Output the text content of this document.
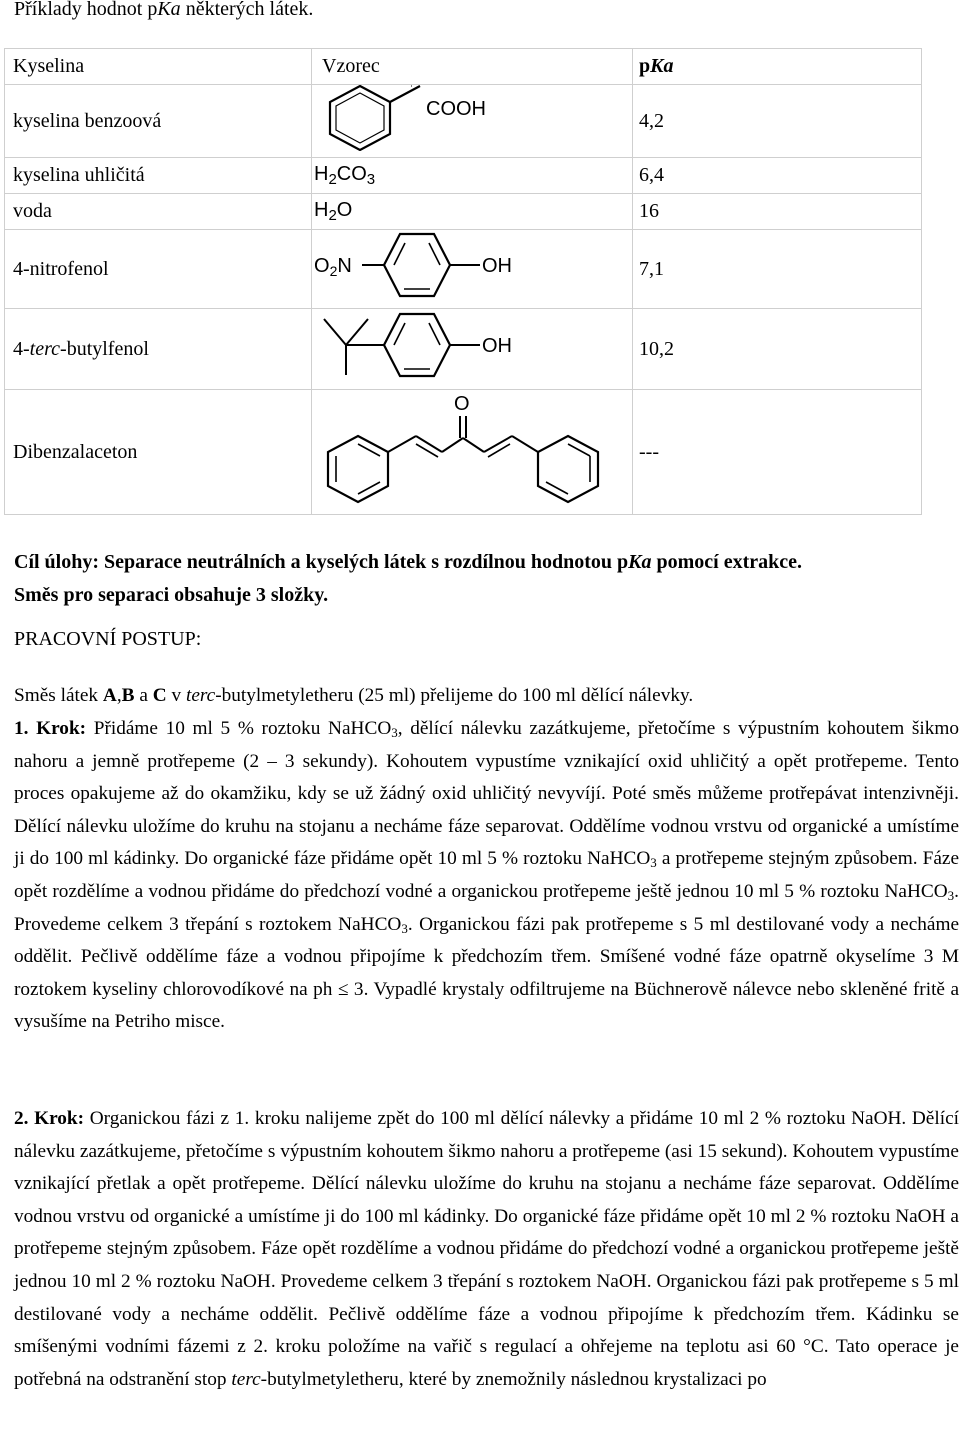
Příklady hodnot pKa některých látek.
Kyselina	Vzorec	pKa
kyselina benzoová	COOH	4,2
kyselina uhličitá	$H_2CO_3$	6,4
voda	$H_2O$	16
4-nitrofenol	$O_2N$ OH	7,1
4-terc-butylfenol	OH	10,2
Dibenzalaceton	O	---
Cíl úlohy: Separace neutrálních a kyselých látek s rozdílnou hodnotou pKa pomocí extrakce.
Směs pro separaci obsahuje 3 složky.
PRACOVNÍ POSTUP:
Směs látek A,B a C v terc-butylmetyletheru (25 ml) přelijeme do 100 ml dělící nálevky.
1. Krok: Přidáme 10 ml 5 % roztoku NaHCO$_3$, dělící nálevku zazátkujeme, přetočíme s výpustním kohoutem šikmo nahoru a jemně protřepeme (2 – 3 sekundy). Kohoutem vypustíme vznikající oxid uhličitý a opět protřepeme. Tento proces opakujeme až do okamžiku, kdy se už žádný oxid uhličitý nevyvíjí. Poté směs můžeme protřepávat intenzivněji. Dělící nálevku uložíme do kruhu na stojanu a necháme fáze separovat. Oddělíme vodnou vrstvu od organické a umístíme ji do 100 ml kádinky. Do organické fáze přidáme opět 10 ml 5 % roztoku NaHCO$_3$ a protřepeme stejným způsobem. Fáze opět rozdělíme a vodnou přidáme do předchozí vodné a organickou protřepeme ještě jednou 10 ml 5 % roztoku NaHCO$_3$. Provedeme celkem 3 třepání s roztokem NaHCO$_3$. Organickou fázi pak protřepeme s 5 ml destilované vody a necháme oddělit. Pečlivě oddělíme fáze a vodnou připojíme k předchozím třem. Smíšené vodné fáze opatrně okyselíme 3 M roztokem kyseliny chlorovodíkové na ph ≤ 3. Vypadlé krystaly odfiltrujeme na Büchnerově nálevce nebo skleněné fritě a vysušíme na Petriho misce.
2. Krok: Organickou fázi z 1. kroku nalijeme zpět do 100 ml dělící nálevky a přidáme 10 ml 2 % roztoku NaOH. Dělící nálevku zazátkujeme, přetočíme s výpustním kohoutem šikmo nahoru a protřepeme (asi 15 sekund). Kohoutem vypustíme vznikající přetlak a opět protřepeme. Dělící nálevku uložíme do kruhu na stojanu a necháme fáze separovat. Oddělíme vodnou vrstvu od organické a umístíme ji do 100 ml kádinky. Do organické fáze přidáme opět 10 ml 2 % roztoku NaOH a protřepeme stejným způsobem. Fáze opět rozdělíme a vodnou přidáme do předchozí vodné a organickou protřepeme ještě jednou 10 ml 2 % roztoku NaOH. Provedeme celkem 3 třepání s roztokem NaOH. Organickou fázi pak protřepeme s 5 ml destilované vody a necháme oddělit. Pečlivě oddělíme fáze a vodnou připojíme k předchozím třem. Kádinku se smíšenými vodními fázemi z 2. kroku položíme na vařič s regulací a ohřejeme na teplotu asi 60 °C. Tato operace je potřebná na odstranění stop terc-butylmetyletheru, které by znemožnily následnou krystalizaci po
